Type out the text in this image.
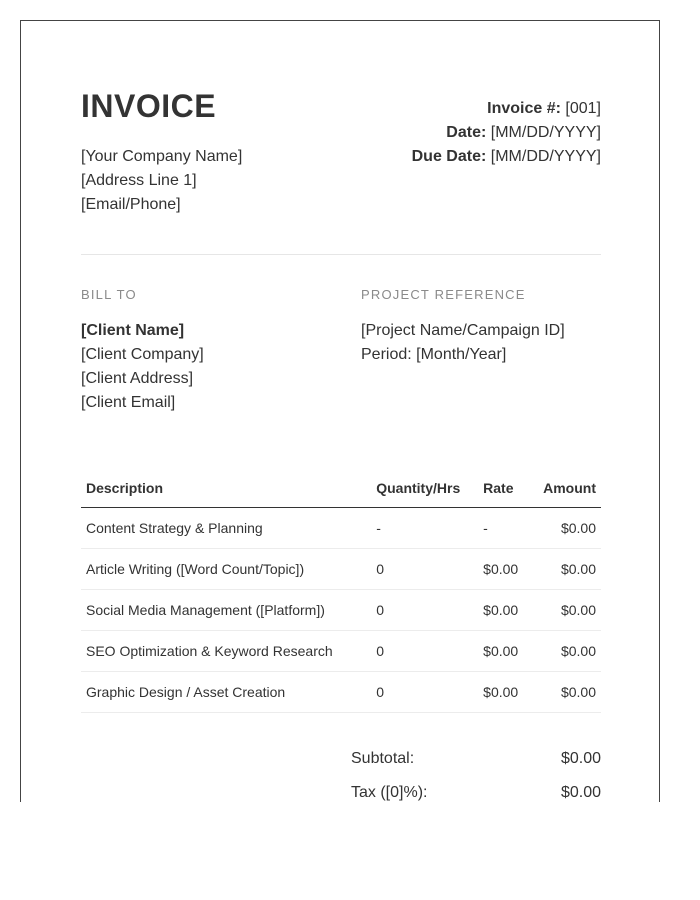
INVOICE
[Your Company Name]
[Address Line 1]
[Email/Phone]
Invoice #: [001]
Date: [MM/DD/YYYY]
Due Date: [MM/DD/YYYY]
BILL TO	PROJECT REFERENCE
[Client Name]
[Client Company]
[Client Address]
[Client Email]
[Project Name/Campaign ID]
Period: [Month/Year]
Description	Quantity/Hrs	Rate	Amount
Content Strategy & Planning	-	-	$0.00
Article Writing ([Word Count/Topic])	0	$0.00	$0.00
Social Media Management ([Platform])	0	$0.00	$0.00
SEO Optimization & Keyword Research	0	$0.00	$0.00
Graphic Design / Asset Creation	0	$0.00	$0.00
Subtotal:	$0.00
Tax ([0]%):	$0.00
